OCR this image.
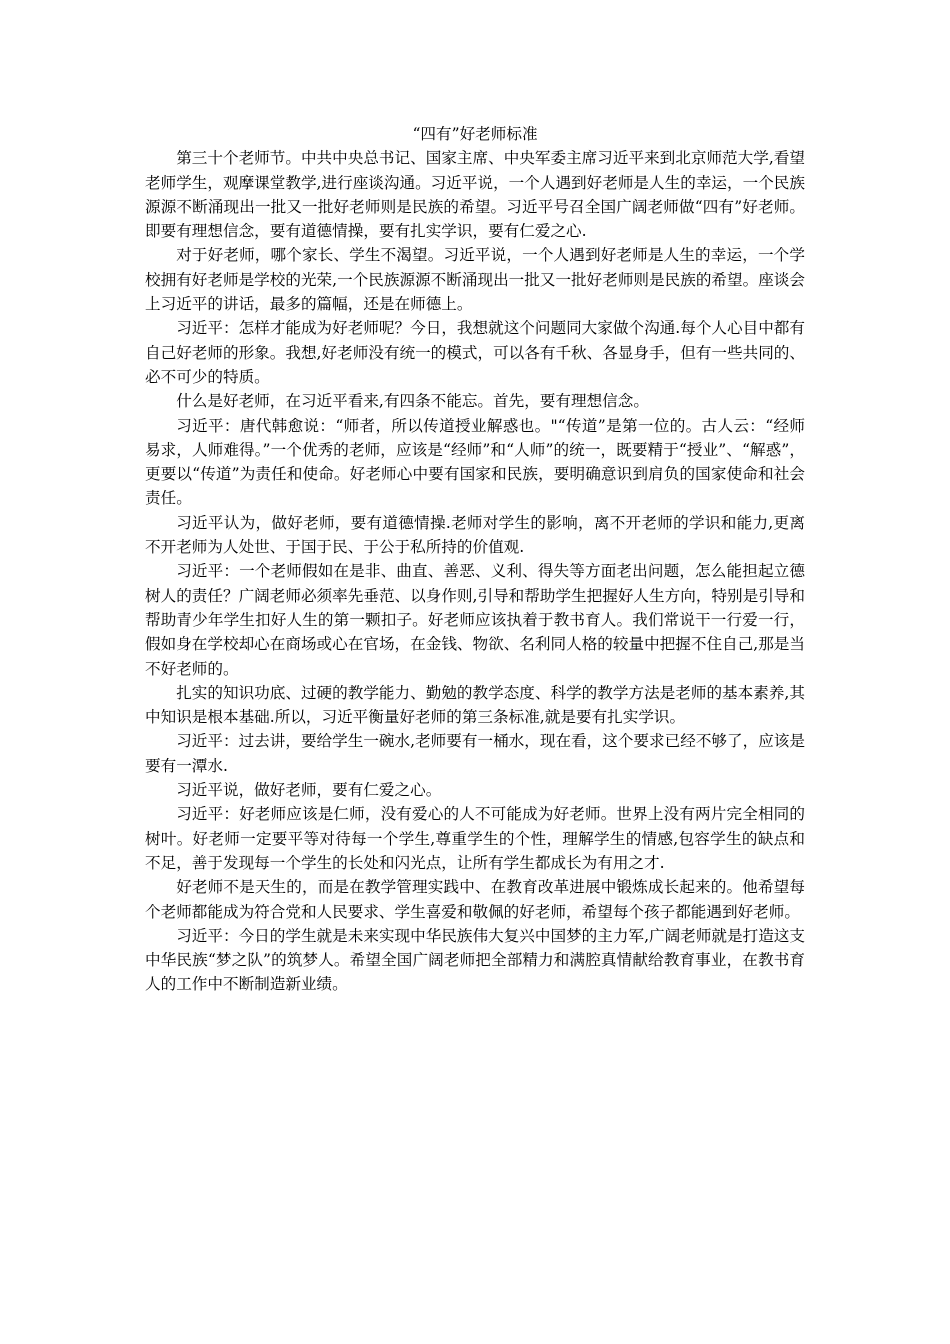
“四有”好老师标准

第三十个老师节。中共中央总书记、国家主席、中央军委主席习近平来到北京师范大学,看望老师学生，观摩课堂教学,进行座谈沟通。习近平说，一个人遇到好老师是人生的幸运，一个民族源源不断涌现出一批又一批好老师则是民族的希望。习近平号召全国广阔老师做“四有”好老师。即要有理想信念，要有道德情操，要有扎实学识，要有仁爱之心.

对于好老师，哪个家长、学生不渴望。习近平说，一个人遇到好老师是人生的幸运，一个学校拥有好老师是学校的光荣,一个民族源源不断涌现出一批又一批好老师则是民族的希望。座谈会上习近平的讲话，最多的篇幅，还是在师德上。

习近平：怎样才能成为好老师呢？今日，我想就这个问题同大家做个沟通.每个人心目中都有自己好老师的形象。我想,好老师没有统一的模式，可以各有千秋、各显身手，但有一些共同的、必不可少的特质。

什么是好老师，在习近平看来,有四条不能忘。首先，要有理想信念。

习近平：唐代韩愈说：“师者，所以传道授业解惑也。"“传道”是第一位的。古人云：“经师易求，人师难得。”一个优秀的老师，应该是“经师”和“人师”的统一，既要精于“授业”、“解惑”，更要以“传道”为责任和使命。好老师心中要有国家和民族，要明确意识到肩负的国家使命和社会责任。

习近平认为，做好老师，要有道德情操.老师对学生的影响，离不开老师的学识和能力,更离不开老师为人处世、于国于民、于公于私所持的价值观.

习近平：一个老师假如在是非、曲直、善恶、义利、得失等方面老出问题，怎么能担起立德树人的责任？广阔老师必须率先垂范、以身作则,引导和帮助学生把握好人生方向，特别是引导和帮助青少年学生扣好人生的第一颗扣子。好老师应该执着于教书育人。我们常说干一行爱一行，假如身在学校却心在商场或心在官场，在金钱、物欲、名利同人格的较量中把握不住自己,那是当不好老师的。

扎实的知识功底、过硬的教学能力、勤勉的教学态度、科学的教学方法是老师的基本素养,其中知识是根本基础.所以，习近平衡量好老师的第三条标准,就是要有扎实学识。

习近平：过去讲，要给学生一碗水,老师要有一桶水，现在看，这个要求已经不够了，应该是要有一潭水.

习近平说，做好老师，要有仁爱之心。

习近平：好老师应该是仁师，没有爱心的人不可能成为好老师。世界上没有两片完全相同的树叶。好老师一定要平等对待每一个学生,尊重学生的个性，理解学生的情感,包容学生的缺点和不足，善于发现每一个学生的长处和闪光点，让所有学生都成长为有用之才.

好老师不是天生的，而是在教学管理实践中、在教育改革进展中锻炼成长起来的。他希望每个老师都能成为符合党和人民要求、学生喜爱和敬佩的好老师，希望每个孩子都能遇到好老师。

习近平：今日的学生就是未来实现中华民族伟大复兴中国梦的主力军,广阔老师就是打造这支中华民族“梦之队”的筑梦人。希望全国广阔老师把全部精力和满腔真情献给教育事业，在教书育人的工作中不断制造新业绩。
